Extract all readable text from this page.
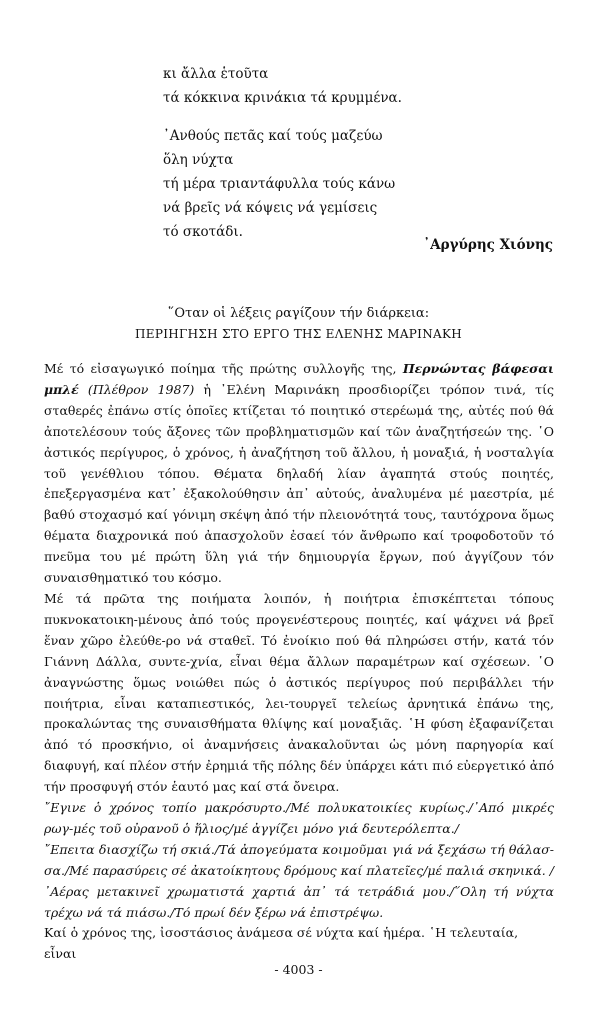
κι ἄλλα ἑτοῦτα

τά κόκκινα κρινάκια τά κρυμμένα.

᾿Ανθούς πετᾶς καί τούς μαζεύω

ὅλη νύχτα

τή μέρα τριαντάφυλλα τούς κάνω

νά βρεῖς νά κόψεις νά γεμίσεις

τό σκοτάδι.

᾿Αργύρης Χιόνης

῞Οταν οἱ λέξεις ραγίζουν τήν διάρκεια:

ΠΕΡΙΗΓΗΣΗ ΣΤΟ ΕΡΓΟ ΤΗΣ ΕΛΕΝΗΣ ΜΑΡΙΝΑΚΗ

Μέ τό εἰσαγωγικό ποίημα τῆς πρώτης συλλογῆς της, Περνώντας βάφεσαι μπλέ (Πλέθρον 1987) ἡ ᾿Ελένη Μαρινάκη προσδιορίζει τρόπον τινά, τίς σταθερές ἐπάνω στίς ὁποῖες κτίζεται τό ποιητικό στερέωμά της, αὐτές πού θά ἀποτελέσουν τούς ἄξονες τῶν προβληματισμῶν καί τῶν ἀναζητήσεών της. ῾Ο ἀστικός περίγυρος, ὁ χρόνος, ἡ ἀναζήτηση τοῦ ἄλλου, ἡ μοναξιά, ἡ νοσταλγία τοῦ γενέθλιου τόπου. Θέματα δηλαδή λίαν ἀγαπητά στούς ποιητές, ἐπεξεργασμένα κατ᾿ ἐξακολούθησιν ἀπ᾿ αὐτούς, ἀναλυμένα μέ μαεστρία, μέ βαθύ στοχασμό καί γόνιμη σκέψη ἀπό τήν πλειονότητά τους, ταυτόχρονα ὅμως θέματα διαχρονικά πού ἀπασχολοῦν ἐσαεί τόν ἄνθρωπο καί τροφοδοτοῦν τό πνεῦμα του μέ πρώτη ὕλη γιά τήν δημιουργία ἔργων, πού ἀγγίζουν τόν συναισθηματικό του κόσμο.

Μέ τά πρῶτα της ποιήματα λοιπόν, ἡ ποιήτρια ἐπισκέπτεται τόπους πυκνοκατοικη-μένους ἀπό τούς προγενέστερους ποιητές, καί ψάχνει νά βρεῖ ἕναν χῶρο ἐλεύθε-ρο νά σταθεῖ. Τό ἐνοίκιο πού θά πληρώσει στήν, κατά τόν Γιάννη Δάλλα, συντε-χνία, εἶναι θέμα ἄλλων παραμέτρων καί σχέσεων. ῾Ο ἀναγνώστης ὅμως νοιώθει πώς ὁ ἀστικός περίγυρος πού περιβάλλει τήν ποιήτρια, εἶναι καταπιεστικός, λει-τουργεῖ τελείως ἀρνητικά ἐπάνω της, προκαλώντας της συναισθήματα θλίψης καί μοναξιᾶς. ῾Η φύση ἐξαφανίζεται ἀπό τό προσκήνιο, οἱ ἀναμνήσεις ἀνακαλοῦνται ὡς μόνη παρηγορία καί διαφυγή, καί πλέον στήν ἐρημιά τῆς πόλης δέν ὑπάρχει κάτι πιό εὐεργετικό ἀπό τήν προσφυγή στόν ἑαυτό μας καί στά ὄνειρα.

῎Εγινε ὁ χρόνος τοπίο μακρόσυρτο./Μέ πολυκατοικίες κυρίως./᾿Από μικρές ρωγ-μές τοῦ οὐρανοῦ ὁ ἥλιος/μέ ἀγγίζει μόνο γιά δευτερόλεπτα./

῎Επειτα διασχίζω τή σκιά./Τά ἀπογεύματα κοιμοῦμαι γιά νά ξεχάσω τή θάλασ-σα./Μέ παρασύρεις σέ ἀκατοίκητους δρόμους καί πλατεῖες/μέ παλιά σκηνικά. /᾿Αέρας μετακινεῖ χρωματιστά χαρτιά ἀπ᾿ τά τετράδιά μου./῞Ολη τή νύχτα τρέχω νά τά πιάσω./Τό πρωί δέν ξέρω νά ἐπιστρέψω.

Καί ὁ χρόνος της, ἰσοστάσιος ἀνάμεσα σέ νύχτα καί ἡμέρα. ῾Η τελευταία, εἶναι

- 4003 -
